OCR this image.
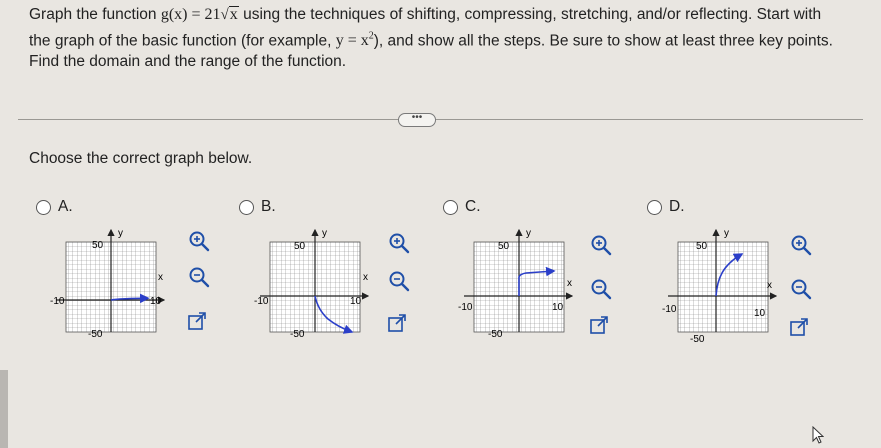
Graph the function g(x) = 21√x using the techniques of shifting, compressing, stretching, and/or reflecting. Start with

the graph of the basic function (for example, $y = x^2$), and show all the steps. Be sure to show at least three key points.

Find the domain and the range of the function.

•••
Choose the correct graph below.
A.	B.	C.	D.
y
50
x
-10	10
-50
y
50
x
-10	10
-50
y
50
x
-10	10
-50
y
50
x
-10	10
-50
